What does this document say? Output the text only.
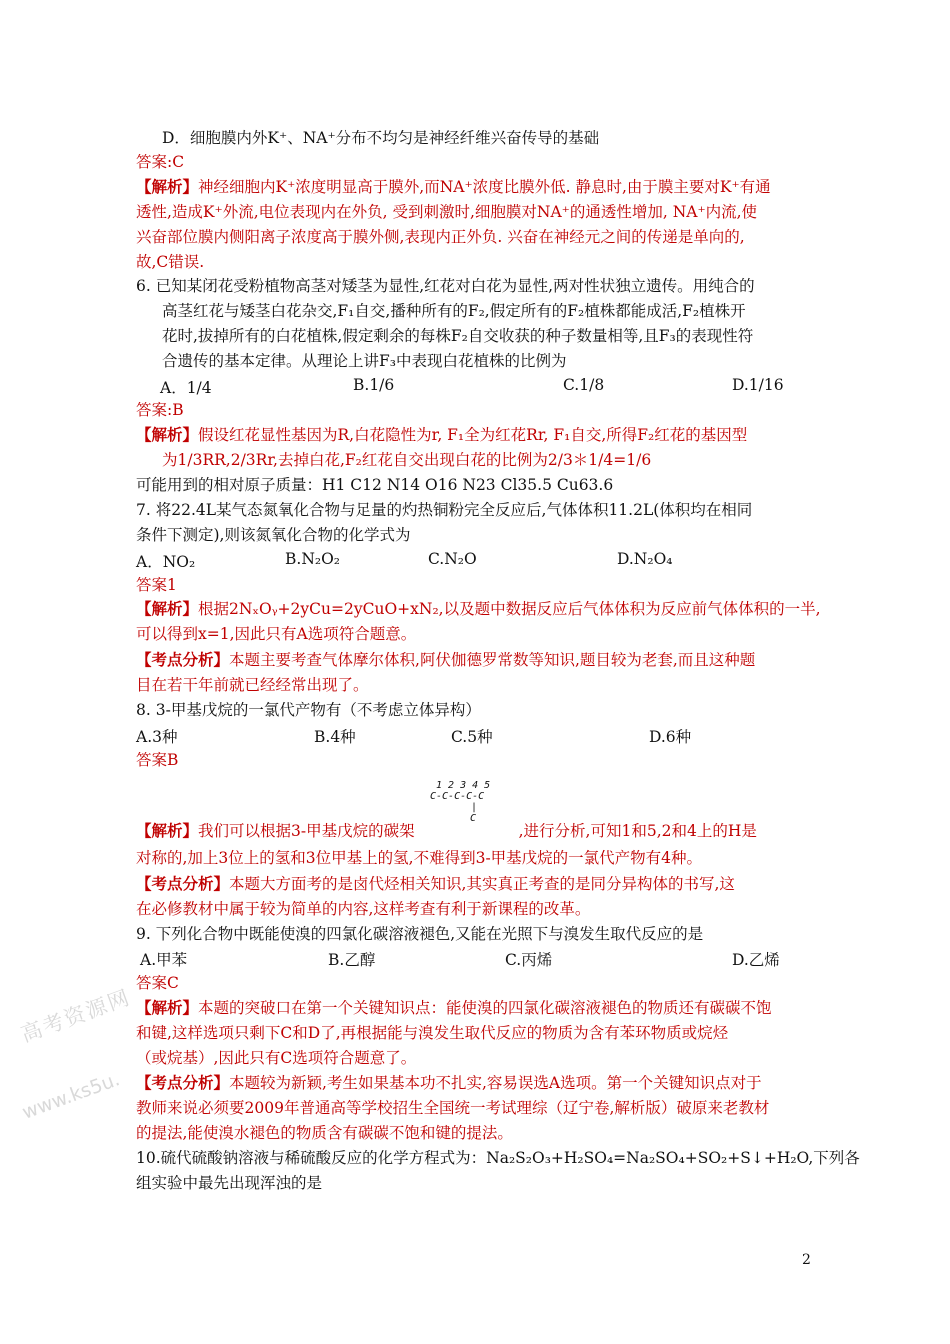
D．细胞膜内外K⁺、NA⁺分布不均匀是神经纤维兴奋传导的基础
答案:C
【解析】神经细胞内K⁺浓度明显高于膜外,而NA⁺浓度比膜外低. 静息时,由于膜主要对K⁺有通
透性,造成K⁺外流,电位表现内在外负, 受到刺激时,细胞膜对NA⁺的通透性增加, NA⁺内流,使
兴奋部位膜内侧阳离子浓度高于膜外侧,表现内正外负. 兴奋在神经元之间的传递是单向的,
故,C错误.
6. 已知某闭花受粉植物高茎对矮茎为显性,红花对白花为显性,两对性状独立遗传。用纯合的
高茎红花与矮茎白花杂交,F₁自交,播种所有的F₂,假定所有的F₂植株都能成活,F₂植株开
花时,拔掉所有的白花植株,假定剩余的每株F₂自交收获的种子数量相等,且F₃的表现性符
合遗传的基本定律。从理论上讲F₃中表现白花植株的比例为
A．1/4	B.1/6	C.1/8	D.1/16
答案:B
【解析】假设红花显性基因为R,白花隐性为r, F₁全为红花Rr, F₁自交,所得F₂红花的基因型
为1/3RR,2/3Rr,去掉白花,F₂红花自交出现白花的比例为2/3＊1/4=1/6
可能用到的相对原子质量：H1 C12 N14 O16 N23 Cl35.5 Cu63.6
7. 将22.4L某气态氮氧化合物与足量的灼热铜粉完全反应后,气体体积11.2L(体积均在相同
条件下测定),则该氮氧化合物的化学式为
A．NO₂	B.N₂O₂	C.N₂O	D.N₂O₄
答案1
【解析】根据2NₓOᵧ+2yCu=2yCuO+xN₂,以及题中数据反应后气体体积为反应前气体体积的一半,
可以得到x=1,因此只有A选项符合题意。
【考点分析】本题主要考查气体摩尔体积,阿伏伽德罗常数等知识,题目较为老套,而且这种题
目在若干年前就已经经常出现了。
8. 3-甲基戊烷的一氯代产物有（不考虑立体异构）
A.3种	B.4种	C.5种	D.6种
答案B
1 2 3 4 5
C-C-C-C-C
|
C
【解析】我们可以根据3-甲基戊烷的碳架	,进行分析,可知1和5,2和4上的H是
对称的,加上3位上的氢和3位甲基上的氢,不难得到3-甲基戊烷的一氯代产物有4种。
【考点分析】本题大方面考的是卤代烃相关知识,其实真正考查的是同分异构体的书写,这
在必修教材中属于较为简单的内容,这样考查有利于新课程的改革。
9. 下列化合物中既能使溴的四氯化碳溶液褪色,又能在光照下与溴发生取代反应的是
A.甲苯	B.乙醇	C.丙烯	D.乙烯
答案C
【解析】本题的突破口在第一个关键知识点：能使溴的四氯化碳溶液褪色的物质还有碳碳不饱
和键,这样选项只剩下C和D了,再根据能与溴发生取代反应的物质为含有苯环物质或烷烃
（或烷基）,因此只有C选项符合题意了。
【考点分析】本题较为新颖,考生如果基本功不扎实,容易误选A选项。第一个关键知识点对于
教师来说必须要2009年普通高等学校招生全国统一考试理综（辽宁卷,解析版）破原来老教材
的提法,能使溴水褪色的物质含有碳碳不饱和键的提法。
10.硫代硫酸钠溶液与稀硫酸反应的化学方程式为：Na₂S₂O₃+H₂SO₄=Na₂SO₄+SO₂+S↓+H₂O,下列各
组实验中最先出现浑浊的是
高考资源网
www.ks5u.
2
